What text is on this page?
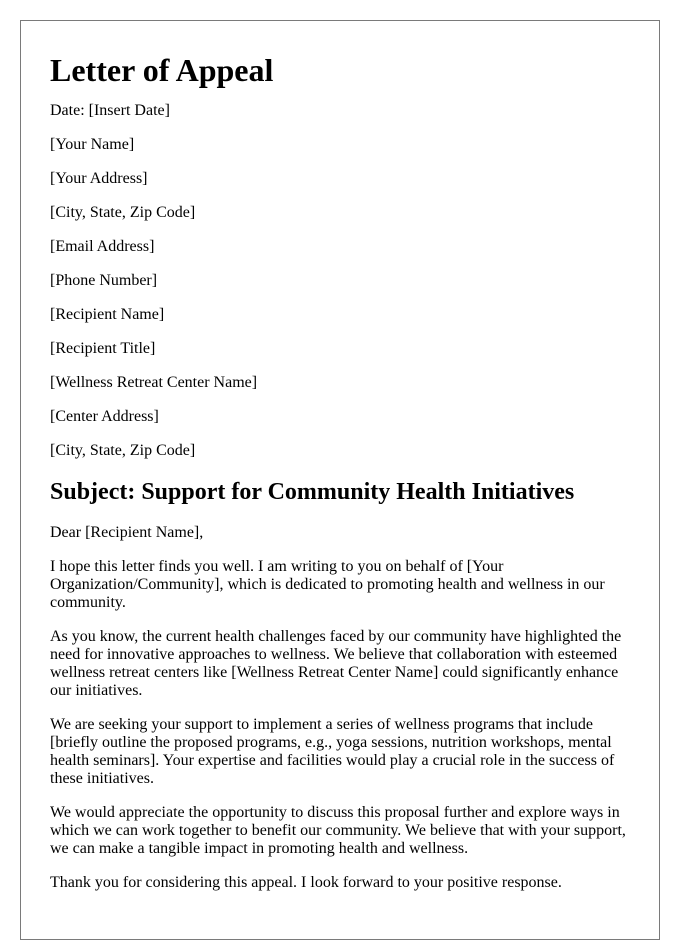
Letter of Appeal

Date: [Insert Date]

[Your Name]

[Your Address]

[City, State, Zip Code]

[Email Address]

[Phone Number]

[Recipient Name]

[Recipient Title]

[Wellness Retreat Center Name]

[Center Address]

[City, State, Zip Code]

Subject: Support for Community Health Initiatives

Dear [Recipient Name],

I hope this letter finds you well. I am writing to you on behalf of [Your Organization/Community], which is dedicated to promoting health and wellness in our community.

As you know, the current health challenges faced by our community have highlighted the need for innovative approaches to wellness. We believe that collaboration with esteemed wellness retreat centers like [Wellness Retreat Center Name] could significantly enhance our initiatives.

We are seeking your support to implement a series of wellness programs that include [briefly outline the proposed programs, e.g., yoga sessions, nutrition workshops, mental health seminars]. Your expertise and facilities would play a crucial role in the success of these initiatives.

We would appreciate the opportunity to discuss this proposal further and explore ways in which we can work together to benefit our community. We believe that with your support, we can make a tangible impact in promoting health and wellness.

Thank you for considering this appeal. I look forward to your positive response.
